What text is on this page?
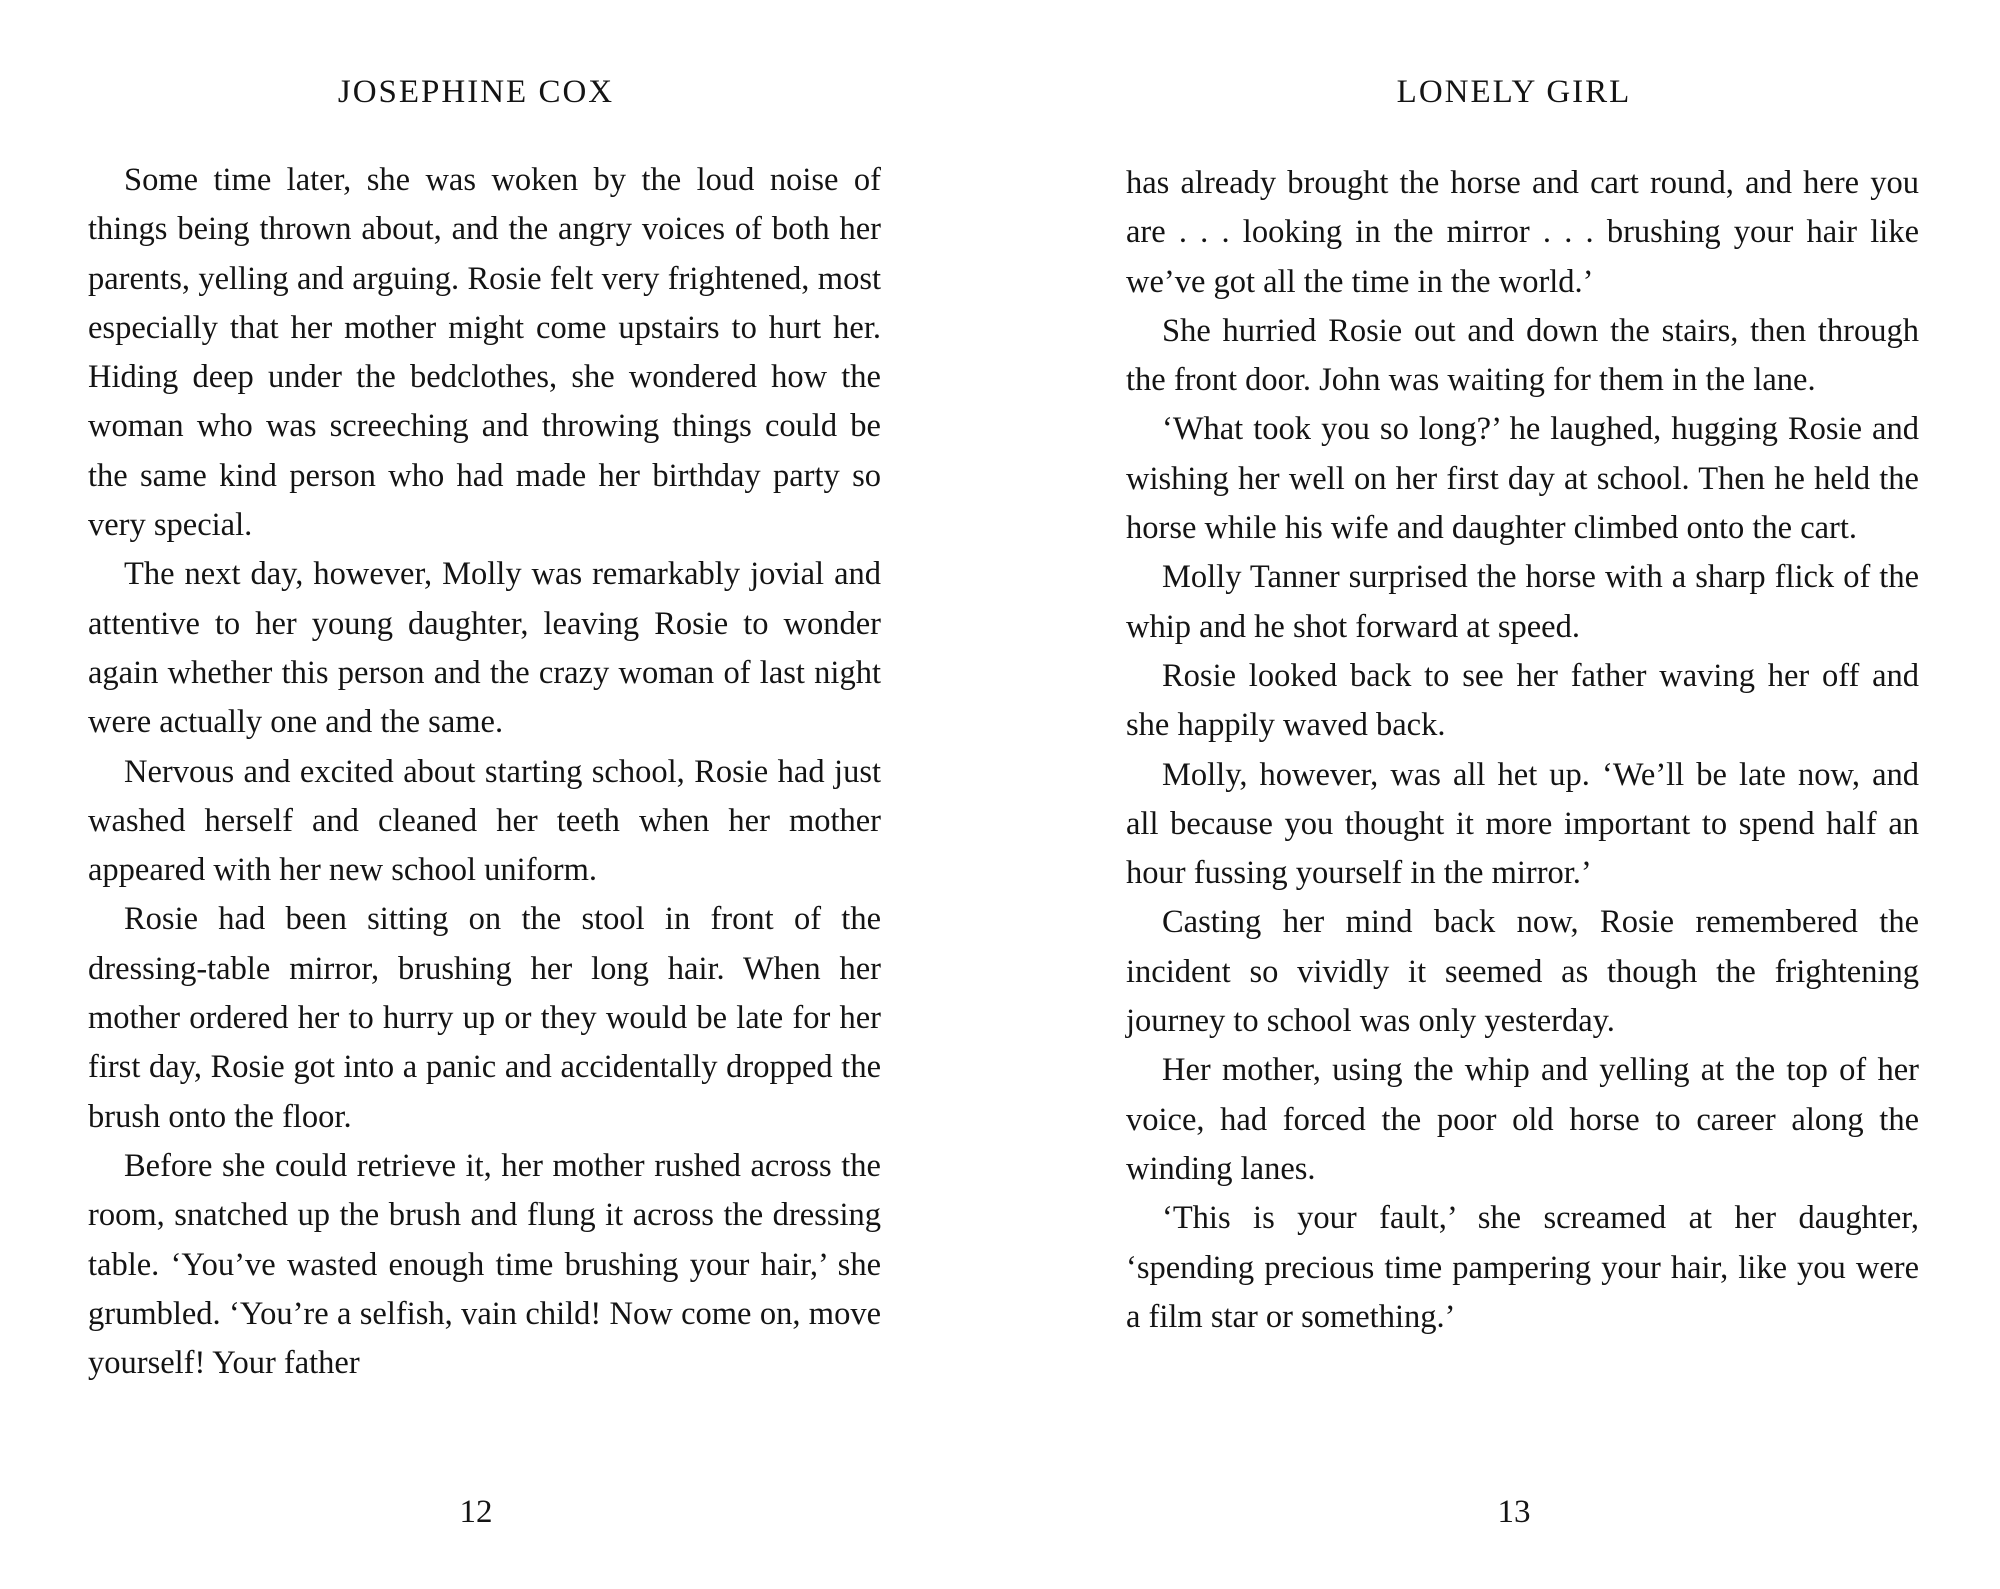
JOSEPHINE COX

Some time later, she was woken by the loud noise of things being thrown about, and the angry voices of both her parents, yelling and arguing. Rosie felt very frightened, most especially that her mother might come upstairs to hurt her. Hiding deep under the bedclothes, she wondered how the woman who was screeching and throwing things could be the same kind person who had made her birthday party so very special.

The next day, however, Molly was remarkably jovial and attentive to her young daughter, leaving Rosie to wonder again whether this person and the crazy woman of last night were actually one and the same.

Nervous and excited about starting school, Rosie had just washed herself and cleaned her teeth when her mother appeared with her new school uniform.

Rosie had been sitting on the stool in front of the dressing-table mirror, brushing her long hair. When her mother ordered her to hurry up or they would be late for her first day, Rosie got into a panic and accidentally dropped the brush onto the floor.

Before she could retrieve it, her mother rushed across the room, snatched up the brush and flung it across the dressing table. ‘You’ve wasted enough time brushing your hair,’ she grumbled. ‘You’re a selfish, vain child! Now come on, move yourself! Your father

12
LONELY GIRL

has already brought the horse and cart round, and here you are . . . looking in the mirror . . . brushing your hair like we’ve got all the time in the world.’

She hurried Rosie out and down the stairs, then through the front door. John was waiting for them in the lane.

‘What took you so long?’ he laughed, hugging Rosie and wishing her well on her first day at school. Then he held the horse while his wife and daughter climbed onto the cart.

Molly Tanner surprised the horse with a sharp flick of the whip and he shot forward at speed.

Rosie looked back to see her father waving her off and she happily waved back.

Molly, however, was all het up. ‘We’ll be late now, and all because you thought it more important to spend half an hour fussing yourself in the mirror.’

Casting her mind back now, Rosie remembered the incident so vividly it seemed as though the frightening journey to school was only yesterday.

Her mother, using the whip and yelling at the top of her voice, had forced the poor old horse to career along the winding lanes.

‘This is your fault,’ she screamed at her daughter, ‘spending precious time pampering your hair, like you were a film star or something.’

13
